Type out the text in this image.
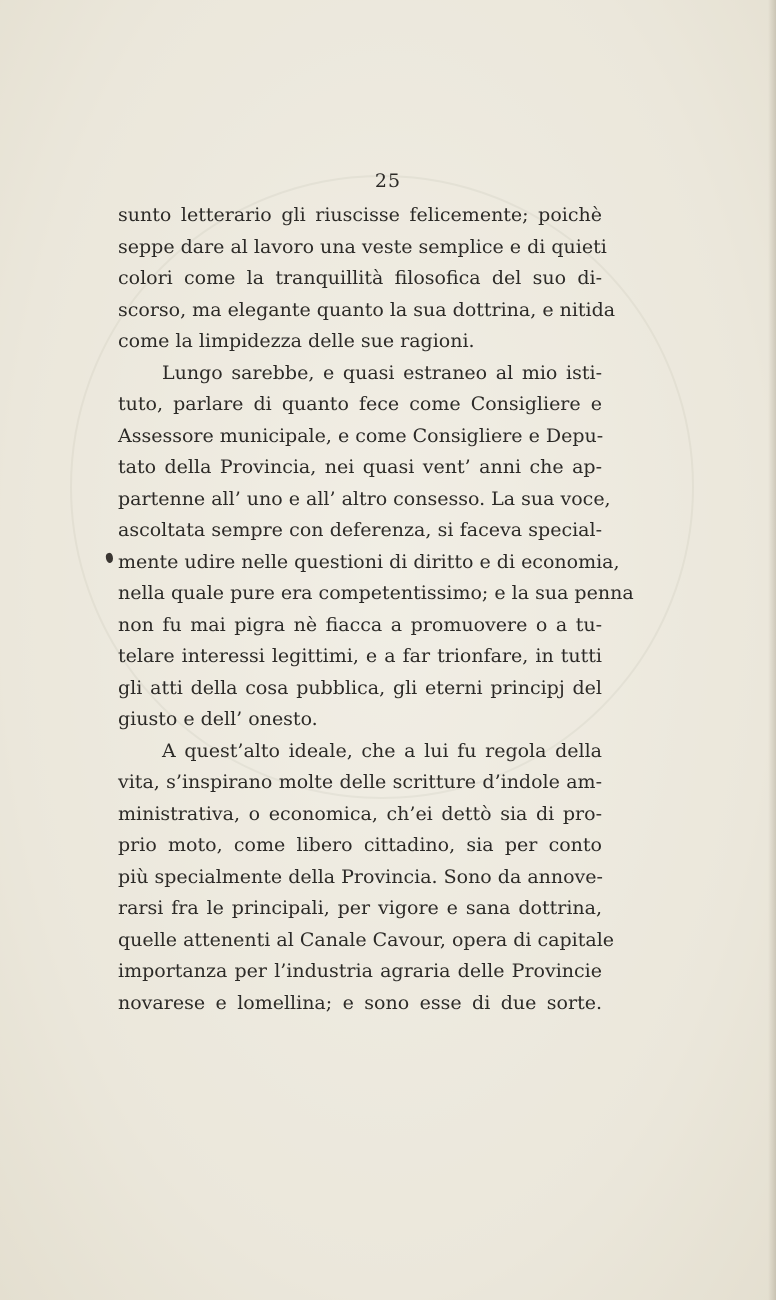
25
sunto letterario gli riuscisse felicemente; poichè
seppe dare al lavoro una veste semplice e di quieti
colori come la tranquillità filosofica del suo di-
scorso, ma elegante quanto la sua dottrina, e nitida
come la limpidezza delle sue ragioni.
Lungo sarebbe, e quasi estraneo al mio isti-
tuto, parlare di quanto fece come Consigliere e
Assessore municipale, e come Consigliere e Depu-
tato della Provincia, nei quasi vent’ anni che ap-
partenne all’ uno e all’ altro consesso. La sua voce,
ascoltata sempre con deferenza, si faceva special-
mente udire nelle questioni di diritto e di economia,
nella quale pure era competentissimo; e la sua penna
non fu mai pigra nè fiacca a promuovere o a tu-
telare interessi legittimi, e a far trionfare, in tutti
gli atti della cosa pubblica, gli eterni principj del
giusto e dell’ onesto.
A quest’alto ideale, che a lui fu regola della
vita, s’inspirano molte delle scritture d’indole am-
ministrativa, o economica, ch’ei dettò sia di pro-
prio moto, come libero cittadino, sia per conto
più specialmente della Provincia. Sono da annove-
rarsi fra le principali, per vigore e sana dottrina,
quelle attenenti al Canale Cavour, opera di capitale
importanza per l’industria agraria delle Provincie
novarese e lomellina; e sono esse di due sorte.
